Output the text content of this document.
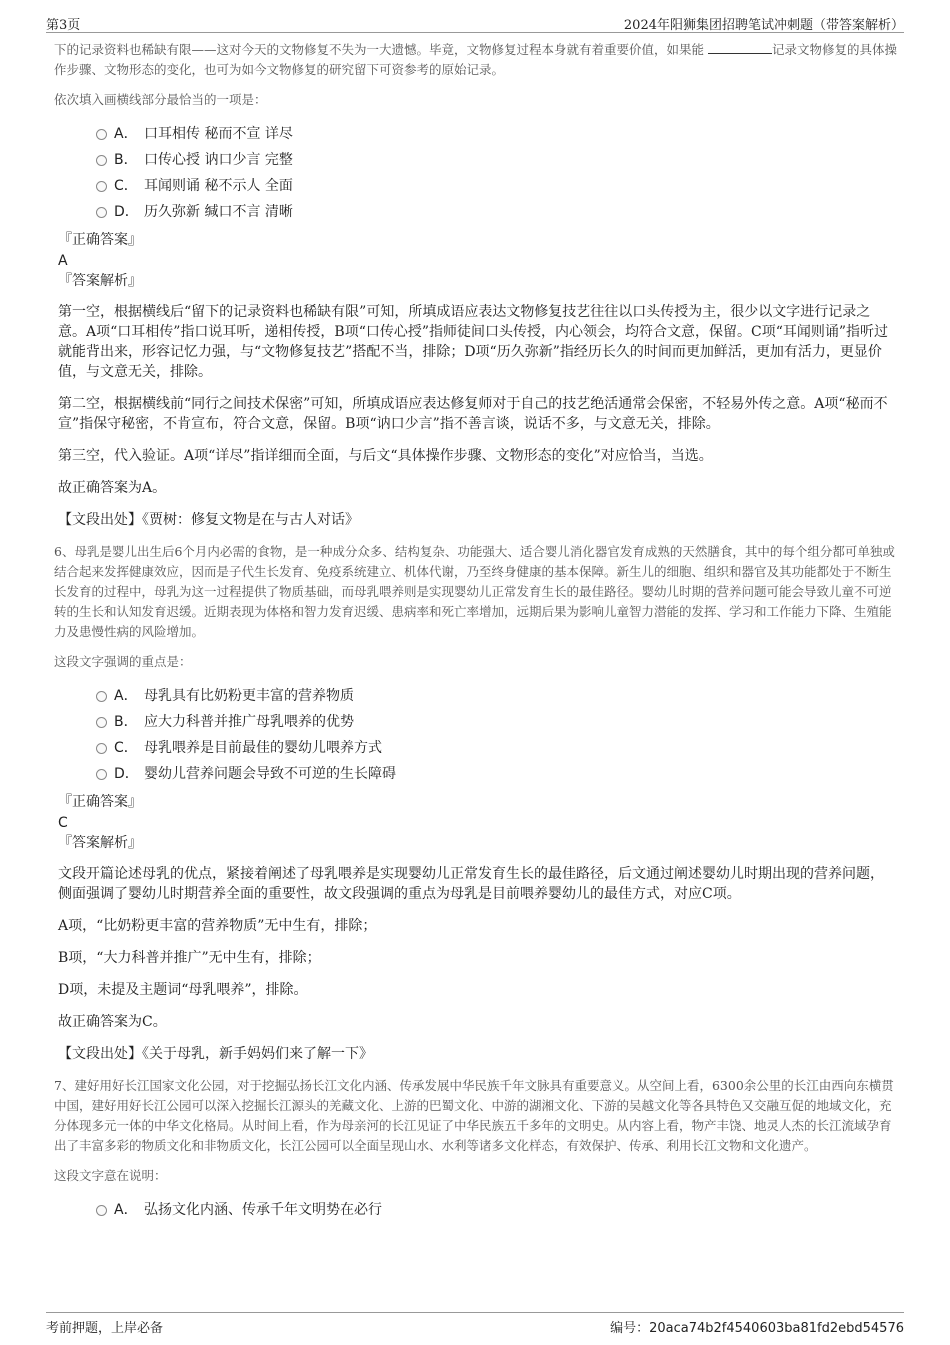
第3页	2024年阳狮集团招聘笔试冲刺题（带答案解析）

下的记录资料也稀缺有限——这对今天的文物修复不失为一大遗憾。毕竟，文物修复过程本身就有着重要价值，如果能	记录文物修复的具体操作步骤、文物形态的变化，也可为如今文物修复的研究留下可资参考的原始记录。

依次填入画横线部分最恰当的一项是：

A． 口耳相传 秘而不宣 详尽
B． 口传心授 讷口少言 完整
C． 耳闻则诵 秘不示人 全面
D． 历久弥新 缄口不言 清晰

『正确答案』

A

『答案解析』

第一空，根据横线后“留下的记录资料也稀缺有限”可知，所填成语应表达文物修复技艺往往以口头传授为主，很少以文字进行记录之意。A项“口耳相传”指口说耳听，递相传授，B项“口传心授”指师徒间口头传授，内心领会，均符合文意，保留。C项“耳闻则诵”指听过就能背出来，形容记忆力强，与“文物修复技艺”搭配不当，排除；D项“历久弥新”指经历长久的时间而更加鲜活，更加有活力，更显价值，与文意无关，排除。

第二空，根据横线前“同行之间技术保密”可知，所填成语应表达修复师对于自己的技艺绝活通常会保密，不轻易外传之意。A项“秘而不宣”指保守秘密，不肯宣布，符合文意，保留。B项“讷口少言”指不善言谈，说话不多，与文意无关，排除。

第三空，代入验证。A项“详尽”指详细而全面，与后文“具体操作步骤、文物形态的变化”对应恰当，当选。

故正确答案为A。

【文段出处】《贾树：修复文物是在与古人对话》

6、母乳是婴儿出生后6个月内必需的食物，是一种成分众多、结构复杂、功能强大、适合婴儿消化器官发育成熟的天然膳食，其中的每个组分都可单独或结合起来发挥健康效应，因而是子代生长发育、免疫系统建立、机体代谢，乃至终身健康的基本保障。新生儿的细胞、组织和器官及其功能都处于不断生长发育的过程中，母乳为这一过程提供了物质基础，而母乳喂养则是实现婴幼儿正常发育生长的最佳路径。婴幼儿时期的营养问题可能会导致儿童不可逆转的生长和认知发育迟缓。近期表现为体格和智力发育迟缓、患病率和死亡率增加，远期后果为影响儿童智力潜能的发挥、学习和工作能力下降、生殖能力及患慢性病的风险增加。

这段文字强调的重点是：

A． 母乳具有比奶粉更丰富的营养物质
B． 应大力科普并推广母乳喂养的优势
C． 母乳喂养是目前最佳的婴幼儿喂养方式
D． 婴幼儿营养问题会导致不可逆的生长障碍

『正确答案』

C

『答案解析』

文段开篇论述母乳的优点，紧接着阐述了母乳喂养是实现婴幼儿正常发育生长的最佳路径，后文通过阐述婴幼儿时期出现的营养问题，侧面强调了婴幼儿时期营养全面的重要性，故文段强调的重点为母乳是目前喂养婴幼儿的最佳方式，对应C项。

A项，“比奶粉更丰富的营养物质”无中生有，排除；

B项，“大力科普并推广”无中生有，排除；

D项，未提及主题词“母乳喂养”，排除。

故正确答案为C。

【文段出处】《关于母乳，新手妈妈们来了解一下》

7、建好用好长江国家文化公园，对于挖掘弘扬长江文化内涵、传承发展中华民族千年文脉具有重要意义。从空间上看，6300余公里的长江由西向东横贯中国，建好用好长江公园可以深入挖掘长江源头的羌藏文化、上游的巴蜀文化、中游的湖湘文化、下游的吴越文化等各具特色又交融互促的地域文化，充分体现多元一体的中华文化格局。从时间上看，作为母亲河的长江见证了中华民族五千多年的文明史。从内容上看，物产丰饶、地灵人杰的长江流域孕育出了丰富多彩的物质文化和非物质文化，长江公园可以全面呈现山水、水利等诸多文化样态，有效保护、传承、利用长江文物和文化遗产。

这段文字意在说明：

A． 弘扬文化内涵、传承千年文明势在必行
考前押题，上岸必备	编号：20aca74b2f4540603ba81fd2ebd54576
